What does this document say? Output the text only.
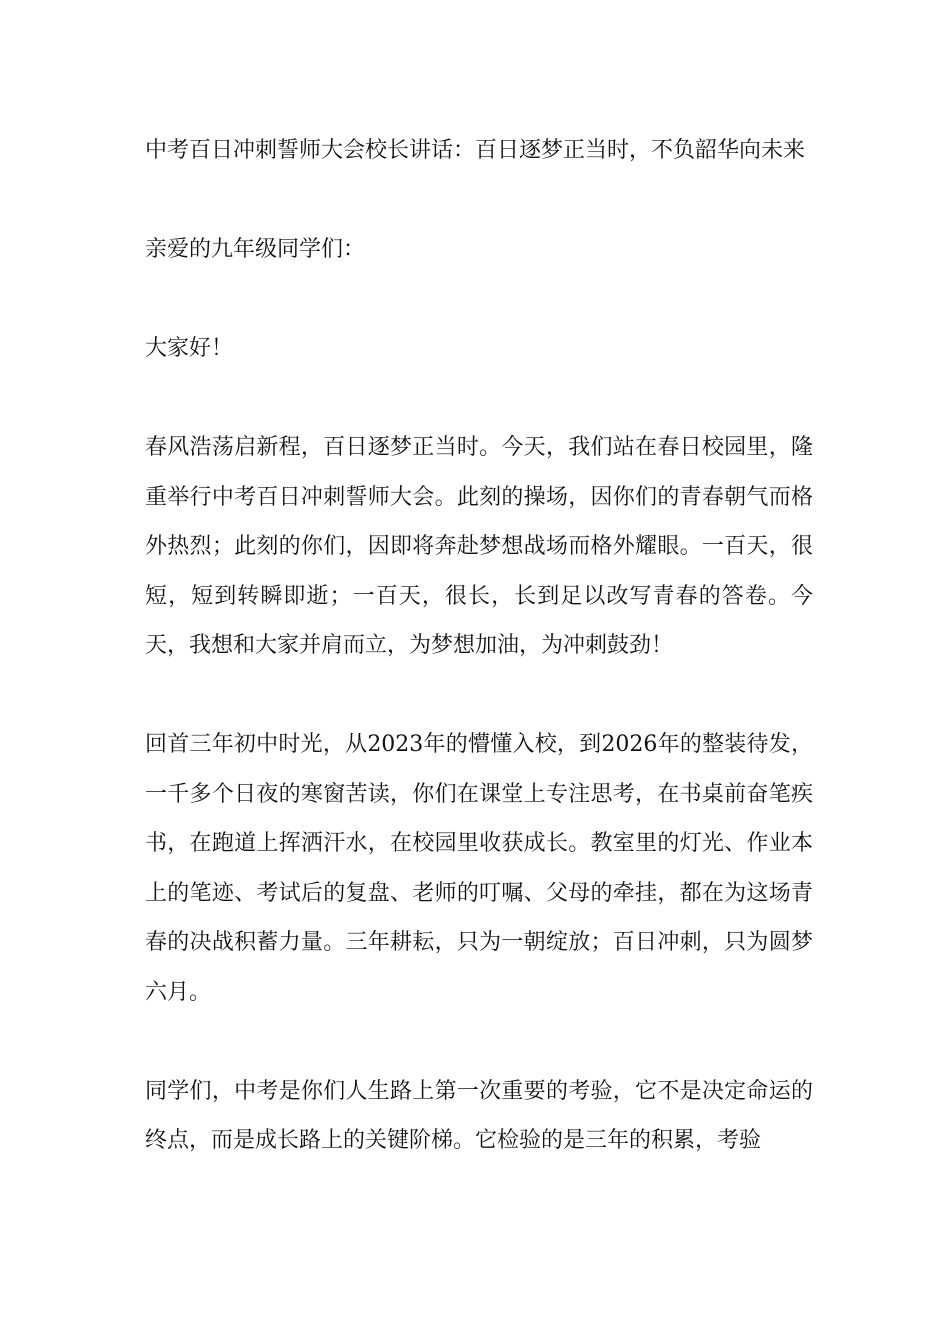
中考百日冲刺誓师大会校长讲话：百日逐梦正当时，不负韶华向未来

亲爱的九年级同学们：

大家好！

春风浩荡启新程，百日逐梦正当时。今天，我们站在春日校园里，隆重举行中考百日冲刺誓师大会。此刻的操场，因你们的青春朝气而格外热烈；此刻的你们，因即将奔赴梦想战场而格外耀眼。一百天，很短，短到转瞬即逝；一百天，很长，长到足以改写青春的答卷。今天，我想和大家并肩而立，为梦想加油，为冲刺鼓劲！

回首三年初中时光，从2023年的懵懂入校，到2026年的整装待发，一千多个日夜的寒窗苦读，你们在课堂上专注思考，在书桌前奋笔疾书，在跑道上挥洒汗水，在校园里收获成长。教室里的灯光、作业本上的笔迹、考试后的复盘、老师的叮嘱、父母的牵挂，都在为这场青春的决战积蓄力量。三年耕耘，只为一朝绽放；百日冲刺，只为圆梦六月。

同学们，中考是你们人生路上第一次重要的考验，它不是决定命运的终点，而是成长路上的关键阶梯。它检验的是三年的积累，考验
